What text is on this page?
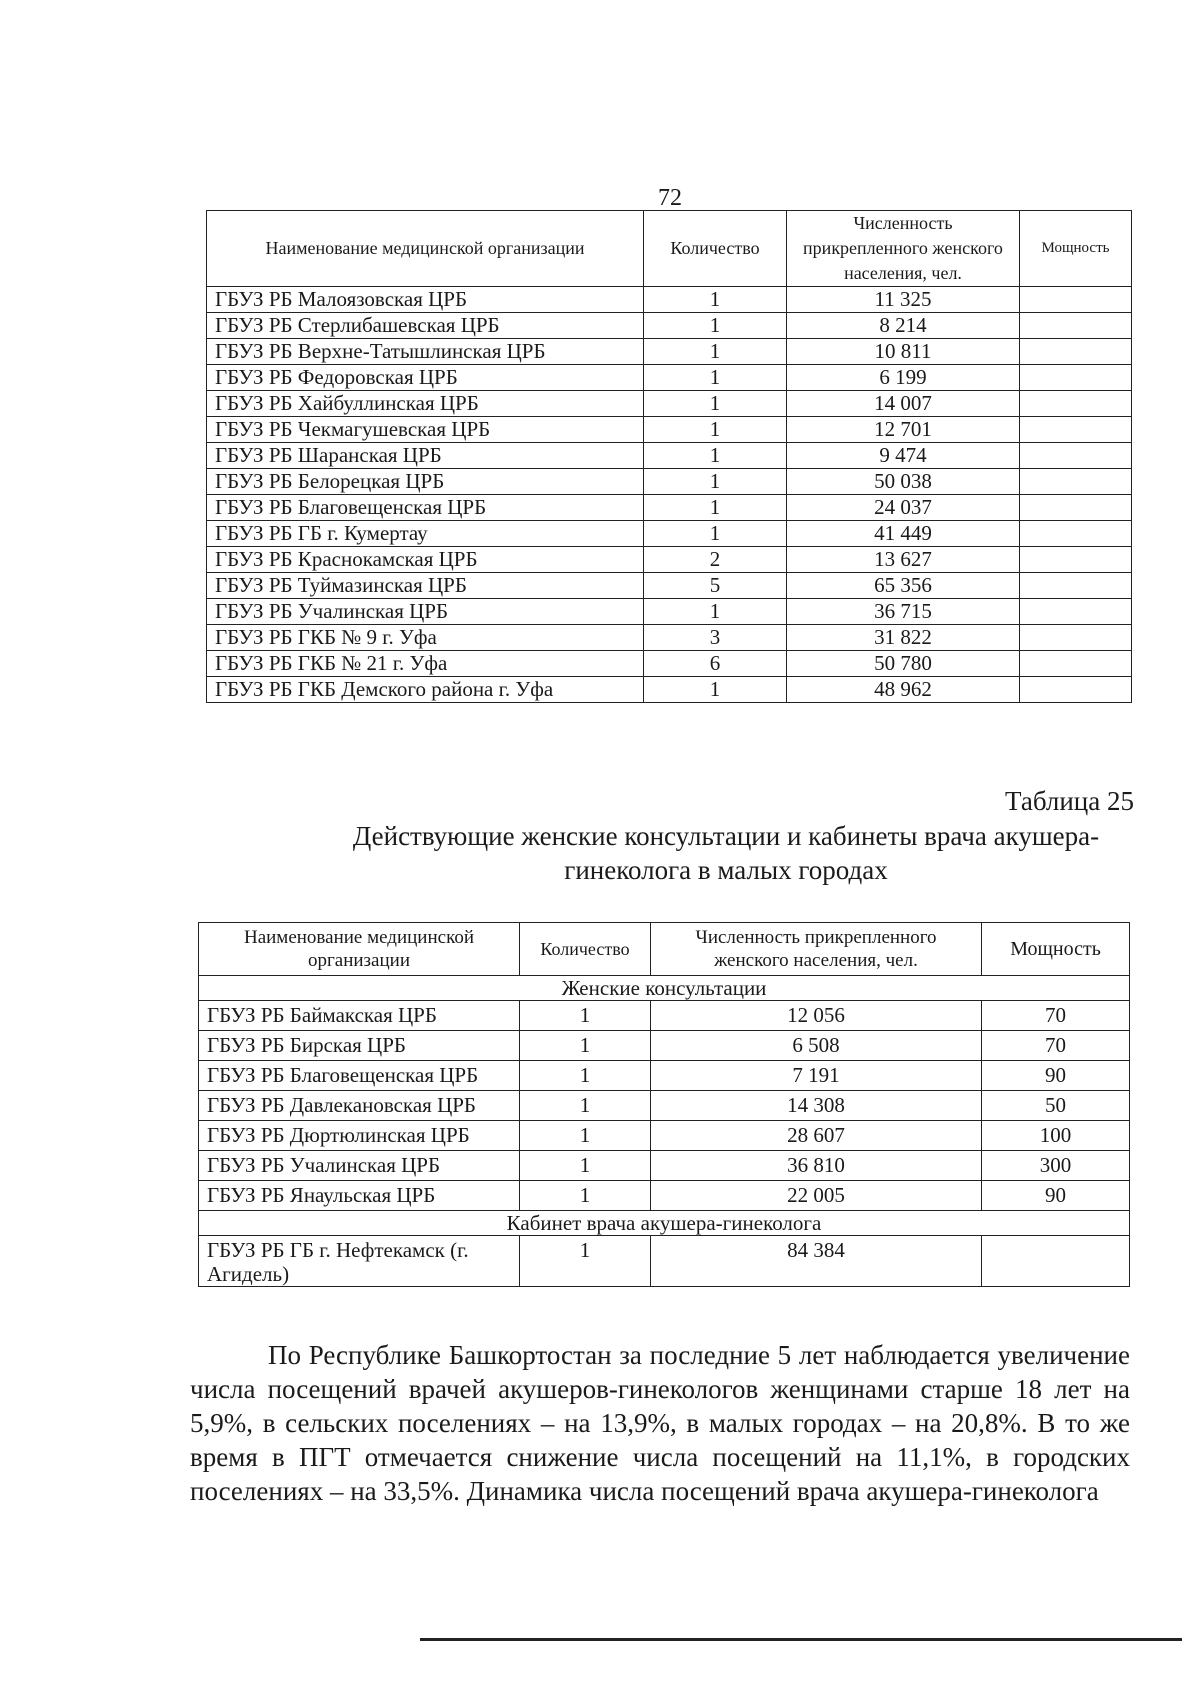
72
Наименование медицинской организации	Количество	Численность прикрепленного женского населения, чел.	Мощность
ГБУЗ РБ Малоязовская ЦРБ	1	11 325	
ГБУЗ РБ Стерлибашевская ЦРБ	1	8 214	
ГБУЗ РБ Верхне-Татышлинская ЦРБ	1	10 811	
ГБУЗ РБ Федоровская ЦРБ	1	6 199	
ГБУЗ РБ Хайбуллинская ЦРБ	1	14 007	
ГБУЗ РБ Чекмагушевская ЦРБ	1	12 701	
ГБУЗ РБ Шаранская ЦРБ	1	9 474	
ГБУЗ РБ Белорецкая ЦРБ	1	50 038	
ГБУЗ РБ Благовещенская ЦРБ	1	24 037	
ГБУЗ РБ ГБ г. Кумертау	1	41 449	
ГБУЗ РБ Краснокамская ЦРБ	2	13 627	
ГБУЗ РБ Туймазинская ЦРБ	5	65 356	
ГБУЗ РБ Учалинская ЦРБ	1	36 715	
ГБУЗ РБ ГКБ № 9 г. Уфа	3	31 822	
ГБУЗ РБ ГКБ № 21 г. Уфа	6	50 780	
ГБУЗ РБ ГКБ Демского района г. Уфа	1	48 962	
Таблица 25
Действующие женские консультации и кабинеты врача акушера-гинеколога в малых городах
Наименование медицинской организации	Количество	Численность прикрепленного женского населения, чел.	Мощность
Женские консультации			
ГБУЗ РБ Баймакская ЦРБ	1	12 056	70
ГБУЗ РБ Бирская ЦРБ	1	6 508	70
ГБУЗ РБ Благовещенская ЦРБ	1	7 191	90
ГБУЗ РБ Давлекановская ЦРБ	1	14 308	50
ГБУЗ РБ Дюртюлинская ЦРБ	1	28 607	100
ГБУЗ РБ Учалинская ЦРБ	1	36 810	300
ГБУЗ РБ Янаульская ЦРБ	1	22 005	90
Кабинет врача акушера-гинеколога			
ГБУЗ РБ ГБ г. Нефтекамск (г. Агидель)	1	84 384	
По Республике Башкортостан за последние 5 лет наблюдается увеличение числа посещений врачей акушеров-гинекологов женщинами старше 18 лет на 5,9%, в сельских поселениях – на 13,9%, в малых городах – на 20,8%. В то же время в ПГТ отмечается снижение числа посещений на 11,1%, в городских поселениях – на 33,5%. Динамика числа посещений врача акушера-гинеколога
